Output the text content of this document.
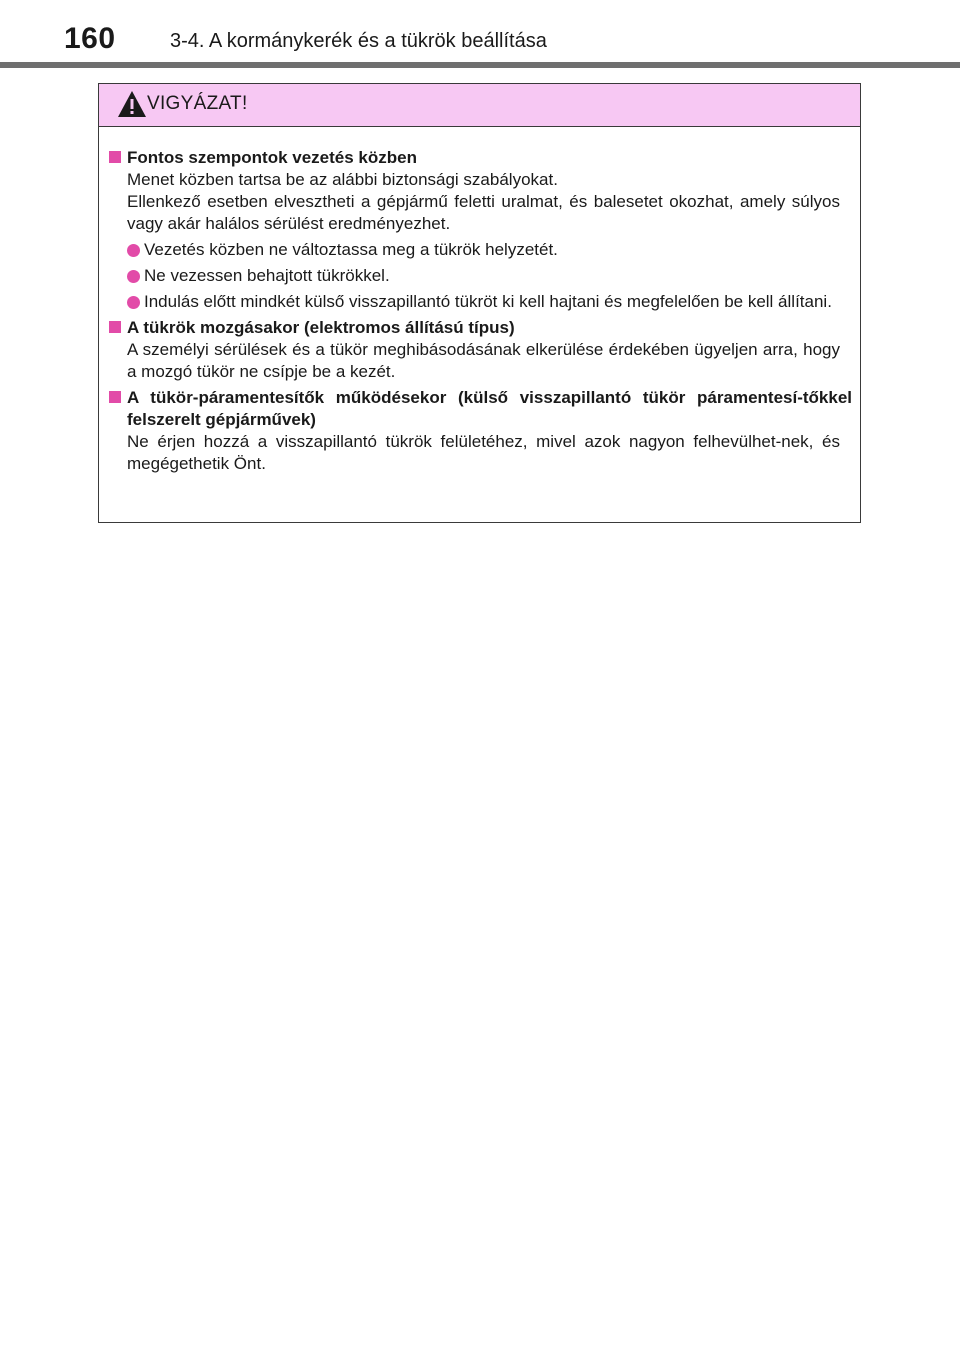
160	3-4. A kormánykerék és a tükrök beállítása
VIGYÁZAT!
Fontos szempontok vezetés közben
Menet közben tartsa be az alábbi biztonsági szabályokat.
Ellenkező esetben elvesztheti a gépjármű feletti uralmat, és balesetet okozhat, amely súlyos vagy akár halálos sérülést eredményezhet.
Vezetés közben ne változtassa meg a tükrök helyzetét.
Ne vezessen behajtott tükrökkel.
Indulás előtt mindkét külső visszapillantó tükröt ki kell hajtani és megfelelően be kell állítani.
A tükrök mozgásakor (elektromos állítású típus)
A személyi sérülések és a tükör meghibásodásának elkerülése érdekében ügyeljen arra, hogy a mozgó tükör ne csípje be a kezét.
A tükör-páramentesítők működésekor (külső visszapillantó tükör páramentesí-tőkkel felszerelt gépjárművek)
Ne érjen hozzá a visszapillantó tükrök felületéhez, mivel azok nagyon felhevülhet-nek, és megégethetik Önt.
